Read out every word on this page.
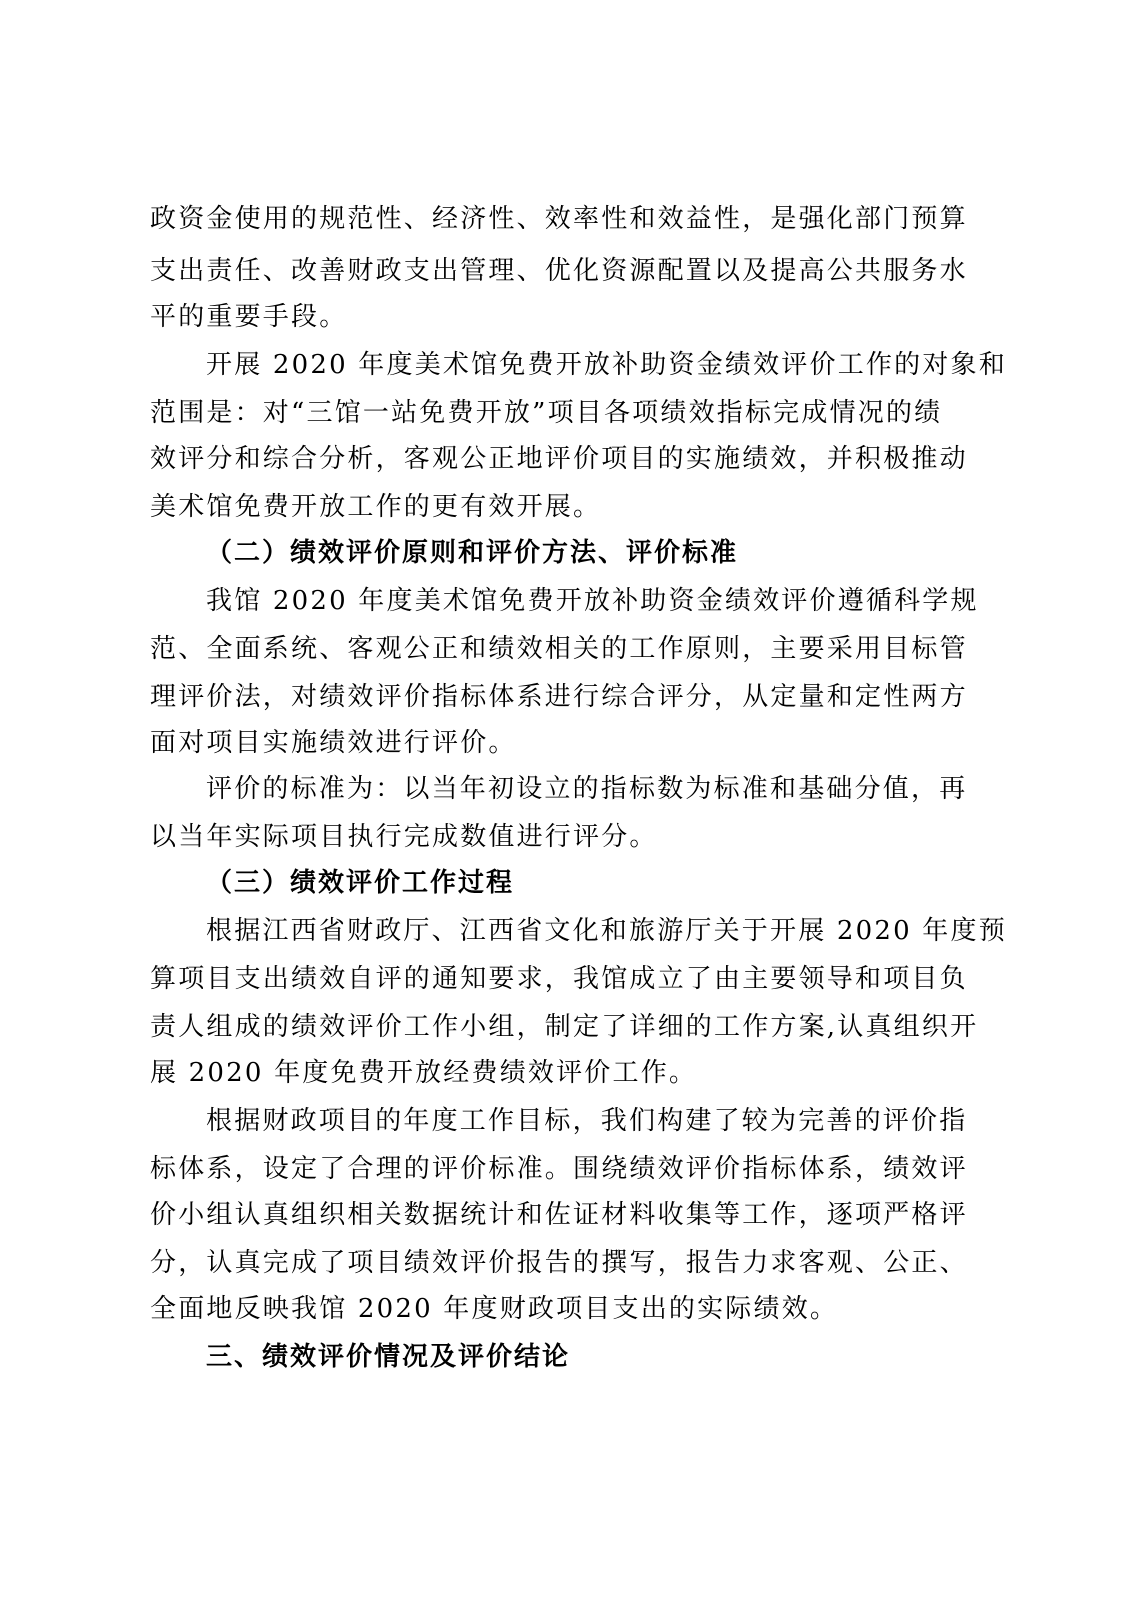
政资金使用的规范性、经济性、效率性和效益性，是强化部门预算
支出责任、改善财政支出管理、优化资源配置以及提高公共服务水
平的重要手段。
开展 2020 年度美术馆免费开放补助资金绩效评价工作的对象和
范围是：对“三馆一站免费开放”项目各项绩效指标完成情况的绩
效评分和综合分析，客观公正地评价项目的实施绩效，并积极推动
美术馆免费开放工作的更有效开展。
（二）绩效评价原则和评价方法、评价标准
我馆 2020 年度美术馆免费开放补助资金绩效评价遵循科学规
范、全面系统、客观公正和绩效相关的工作原则，主要采用目标管
理评价法，对绩效评价指标体系进行综合评分，从定量和定性两方
面对项目实施绩效进行评价。
评价的标准为：以当年初设立的指标数为标准和基础分值，再
以当年实际项目执行完成数值进行评分。
（三）绩效评价工作过程
根据江西省财政厅、江西省文化和旅游厅关于开展 2020 年度预
算项目支出绩效自评的通知要求，我馆成立了由主要领导和项目负
责人组成的绩效评价工作小组，制定了详细的工作方案,认真组织开
展 2020 年度免费开放经费绩效评价工作。
根据财政项目的年度工作目标，我们构建了较为完善的评价指
标体系，设定了合理的评价标准。围绕绩效评价指标体系，绩效评
价小组认真组织相关数据统计和佐证材料收集等工作，逐项严格评
分，认真完成了项目绩效评价报告的撰写，报告力求客观、公正、
全面地反映我馆 2020 年度财政项目支出的实际绩效。
三、绩效评价情况及评价结论
